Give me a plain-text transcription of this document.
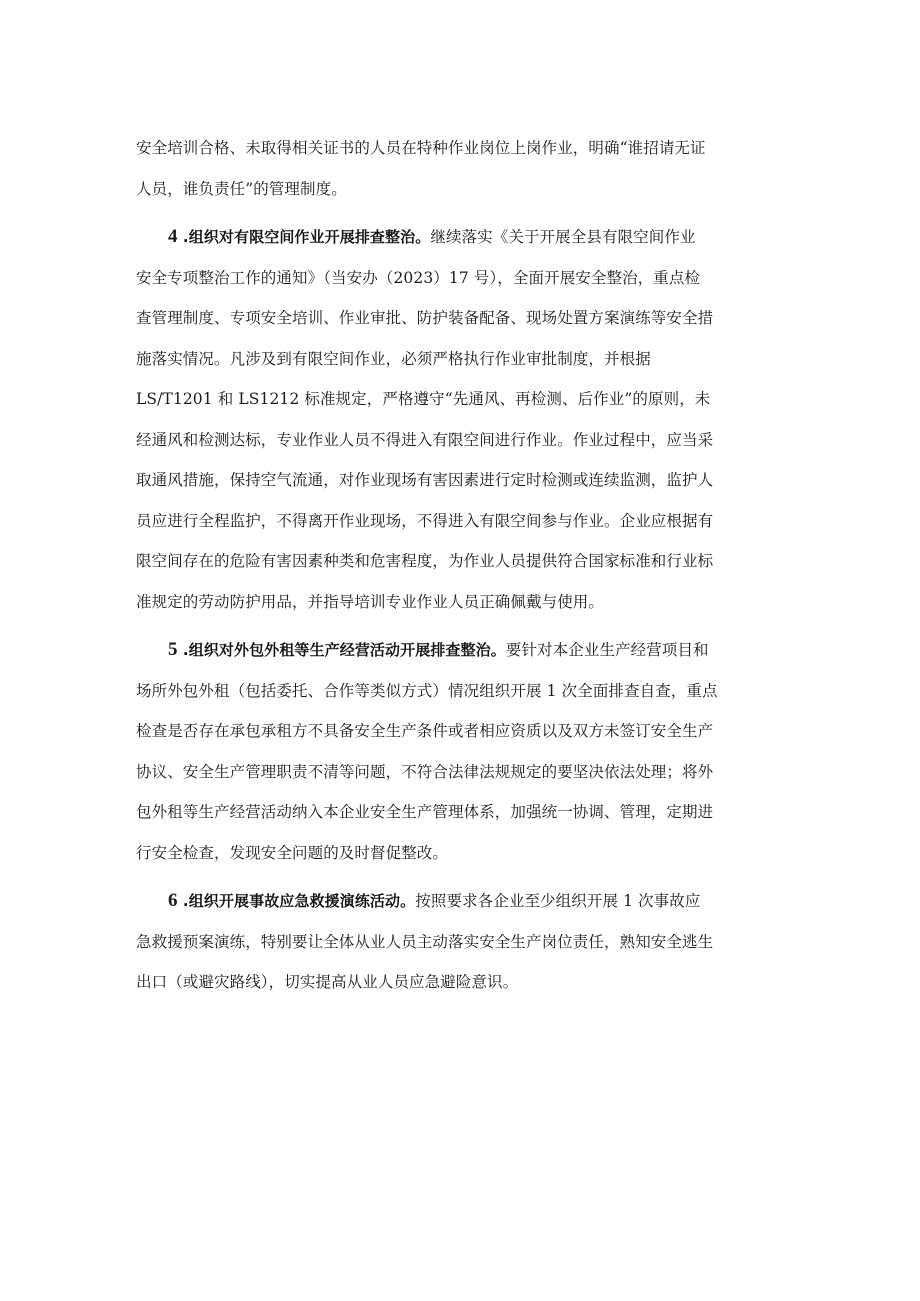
安全培训合格、未取得相关证书的人员在特种作业岗位上岗作业，明确“谁招请无证
人员，谁负责任”的管理制度。

4 .组织对有限空间作业开展排查整治。继续落实《关于开展全县有限空间作业
安全专项整治工作的通知》（当安办（2023）17 号），全面开展安全整治，重点检
查管理制度、专项安全培训、作业审批、防护装备配备、现场处置方案演练等安全措
施落实情况。凡涉及到有限空间作业，必须严格执行作业审批制度，并根据
LS/T1201 和 LS1212 标准规定，严格遵守“先通风、再检测、后作业”的原则，未
经通风和检测达标，专业作业人员不得进入有限空间进行作业。作业过程中，应当采
取通风措施，保持空气流通，对作业现场有害因素进行定时检测或连续监测，监护人
员应进行全程监护，不得离开作业现场，不得进入有限空间参与作业。企业应根据有
限空间存在的危险有害因素种类和危害程度，为作业人员提供符合国家标准和行业标
准规定的劳动防护用品，并指导培训专业作业人员正确佩戴与使用。

5 .组织对外包外租等生产经营活动开展排查整治。要针对本企业生产经营项目和
场所外包外租（包括委托、合作等类似方式）情况组织开展 1 次全面排查自查，重点
检查是否存在承包承租方不具备安全生产条件或者相应资质以及双方未签订安全生产
协议、安全生产管理职责不清等问题，不符合法律法规规定的要坚决依法处理；将外
包外租等生产经营活动纳入本企业安全生产管理体系，加强统一协调、管理，定期进
行安全检查，发现安全问题的及时督促整改。

6 .组织开展事故应急救援演练活动。按照要求各企业至少组织开展 1 次事故应
急救援预案演练，特别要让全体从业人员主动落实安全生产岗位责任，熟知安全逃生
出口（或避灾路线），切实提高从业人员应急避险意识。
